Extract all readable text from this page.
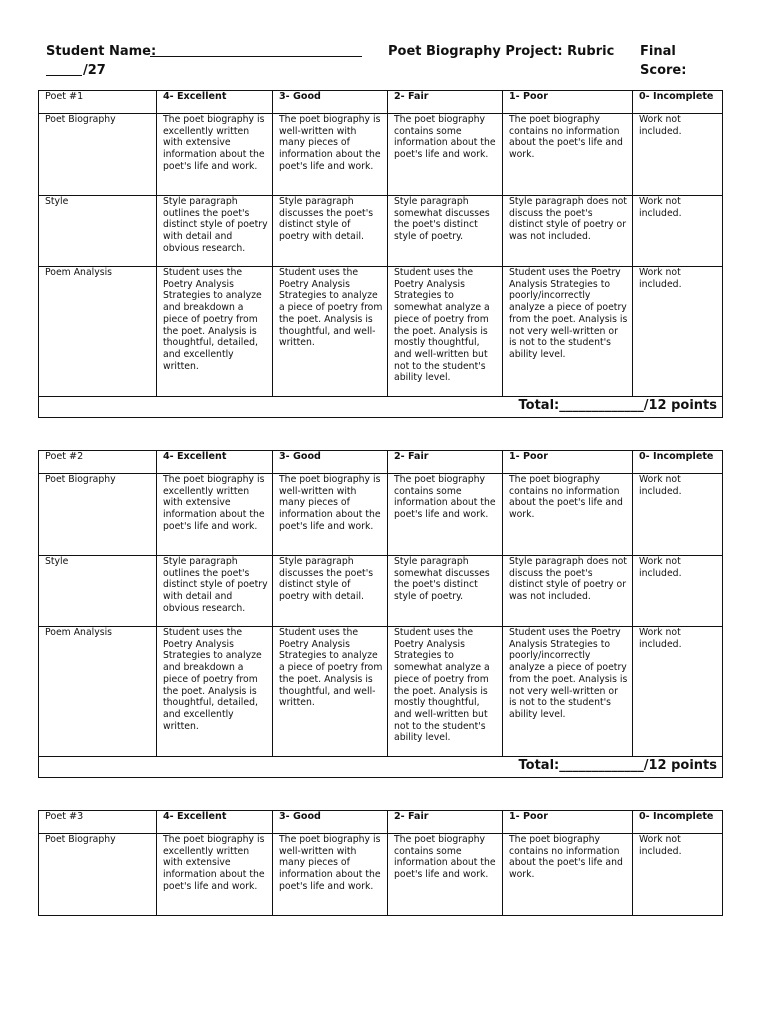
Student Name:	Poet Biography Project: Rubric Final Score:
/27
Poet #1	4- Excellent	3- Good	2- Fair	1- Poor	0- Incomplete
Poet Biography	The poet biography is excellently written with extensive information about the poet's life and work.	The poet biography is well-written with many pieces of information about the poet's life and work.	The poet biography contains some information about the poet's life and work.	The poet biography contains no information about the poet's life and work.	Work not included.
Style	Style paragraph outlines the poet's distinct style of poetry with detail and obvious research.	Style paragraph discusses the poet's distinct style of poetry with detail.	Style paragraph somewhat discusses the poet's distinct style of poetry.	Style paragraph does not discuss the poet's distinct style of poetry or was not included.	Work not included.
Poem Analysis	Student uses the Poetry Analysis Strategies to analyze and breakdown a piece of poetry from the poet. Analysis is thoughtful, detailed, and excellently written.	Student uses the Poetry Analysis Strategies to analyze a piece of poetry from the poet. Analysis is thoughtful, and well-written.	Student uses the Poetry Analysis Strategies to somewhat analyze a piece of poetry from the poet. Analysis is mostly thoughtful, and well-written but not to the student's ability level.	Student uses the Poetry Analysis Strategies to poorly/incorrectly analyze a piece of poetry from the poet. Analysis is not very well-written or is not to the student's ability level.	Work not included.
Total:_____________/12 points					
Poet #2	4- Excellent	3- Good	2- Fair	1- Poor	0- Incomplete
Poet Biography	The poet biography is excellently written with extensive information about the poet's life and work.	The poet biography is well-written with many pieces of information about the poet's life and work.	The poet biography contains some information about the poet's life and work.	The poet biography contains no information about the poet's life and work.	Work not included.
Style	Style paragraph outlines the poet's distinct style of poetry with detail and obvious research.	Style paragraph discusses the poet's distinct style of poetry with detail.	Style paragraph somewhat discusses the poet's distinct style of poetry.	Style paragraph does not discuss the poet's distinct style of poetry or was not included.	Work not included.
Poem Analysis	Student uses the Poetry Analysis Strategies to analyze and breakdown a piece of poetry from the poet. Analysis is thoughtful, detailed, and excellently written.	Student uses the Poetry Analysis Strategies to analyze a piece of poetry from the poet. Analysis is thoughtful, and well-written.	Student uses the Poetry Analysis Strategies to somewhat analyze a piece of poetry from the poet. Analysis is mostly thoughtful, and well-written but not to the student's ability level.	Student uses the Poetry Analysis Strategies to poorly/incorrectly analyze a piece of poetry from the poet. Analysis is not very well-written or is not to the student's ability level.	Work not included.
Total:_____________/12 points					
Poet #3	4- Excellent	3- Good	2- Fair	1- Poor	0- Incomplete
Poet Biography	The poet biography is excellently written with extensive information about the poet's life and work.	The poet biography is well-written with many pieces of information about the poet's life and work.	The poet biography contains some information about the poet's life and work.	The poet biography contains no information about the poet's life and work.	Work not included.
